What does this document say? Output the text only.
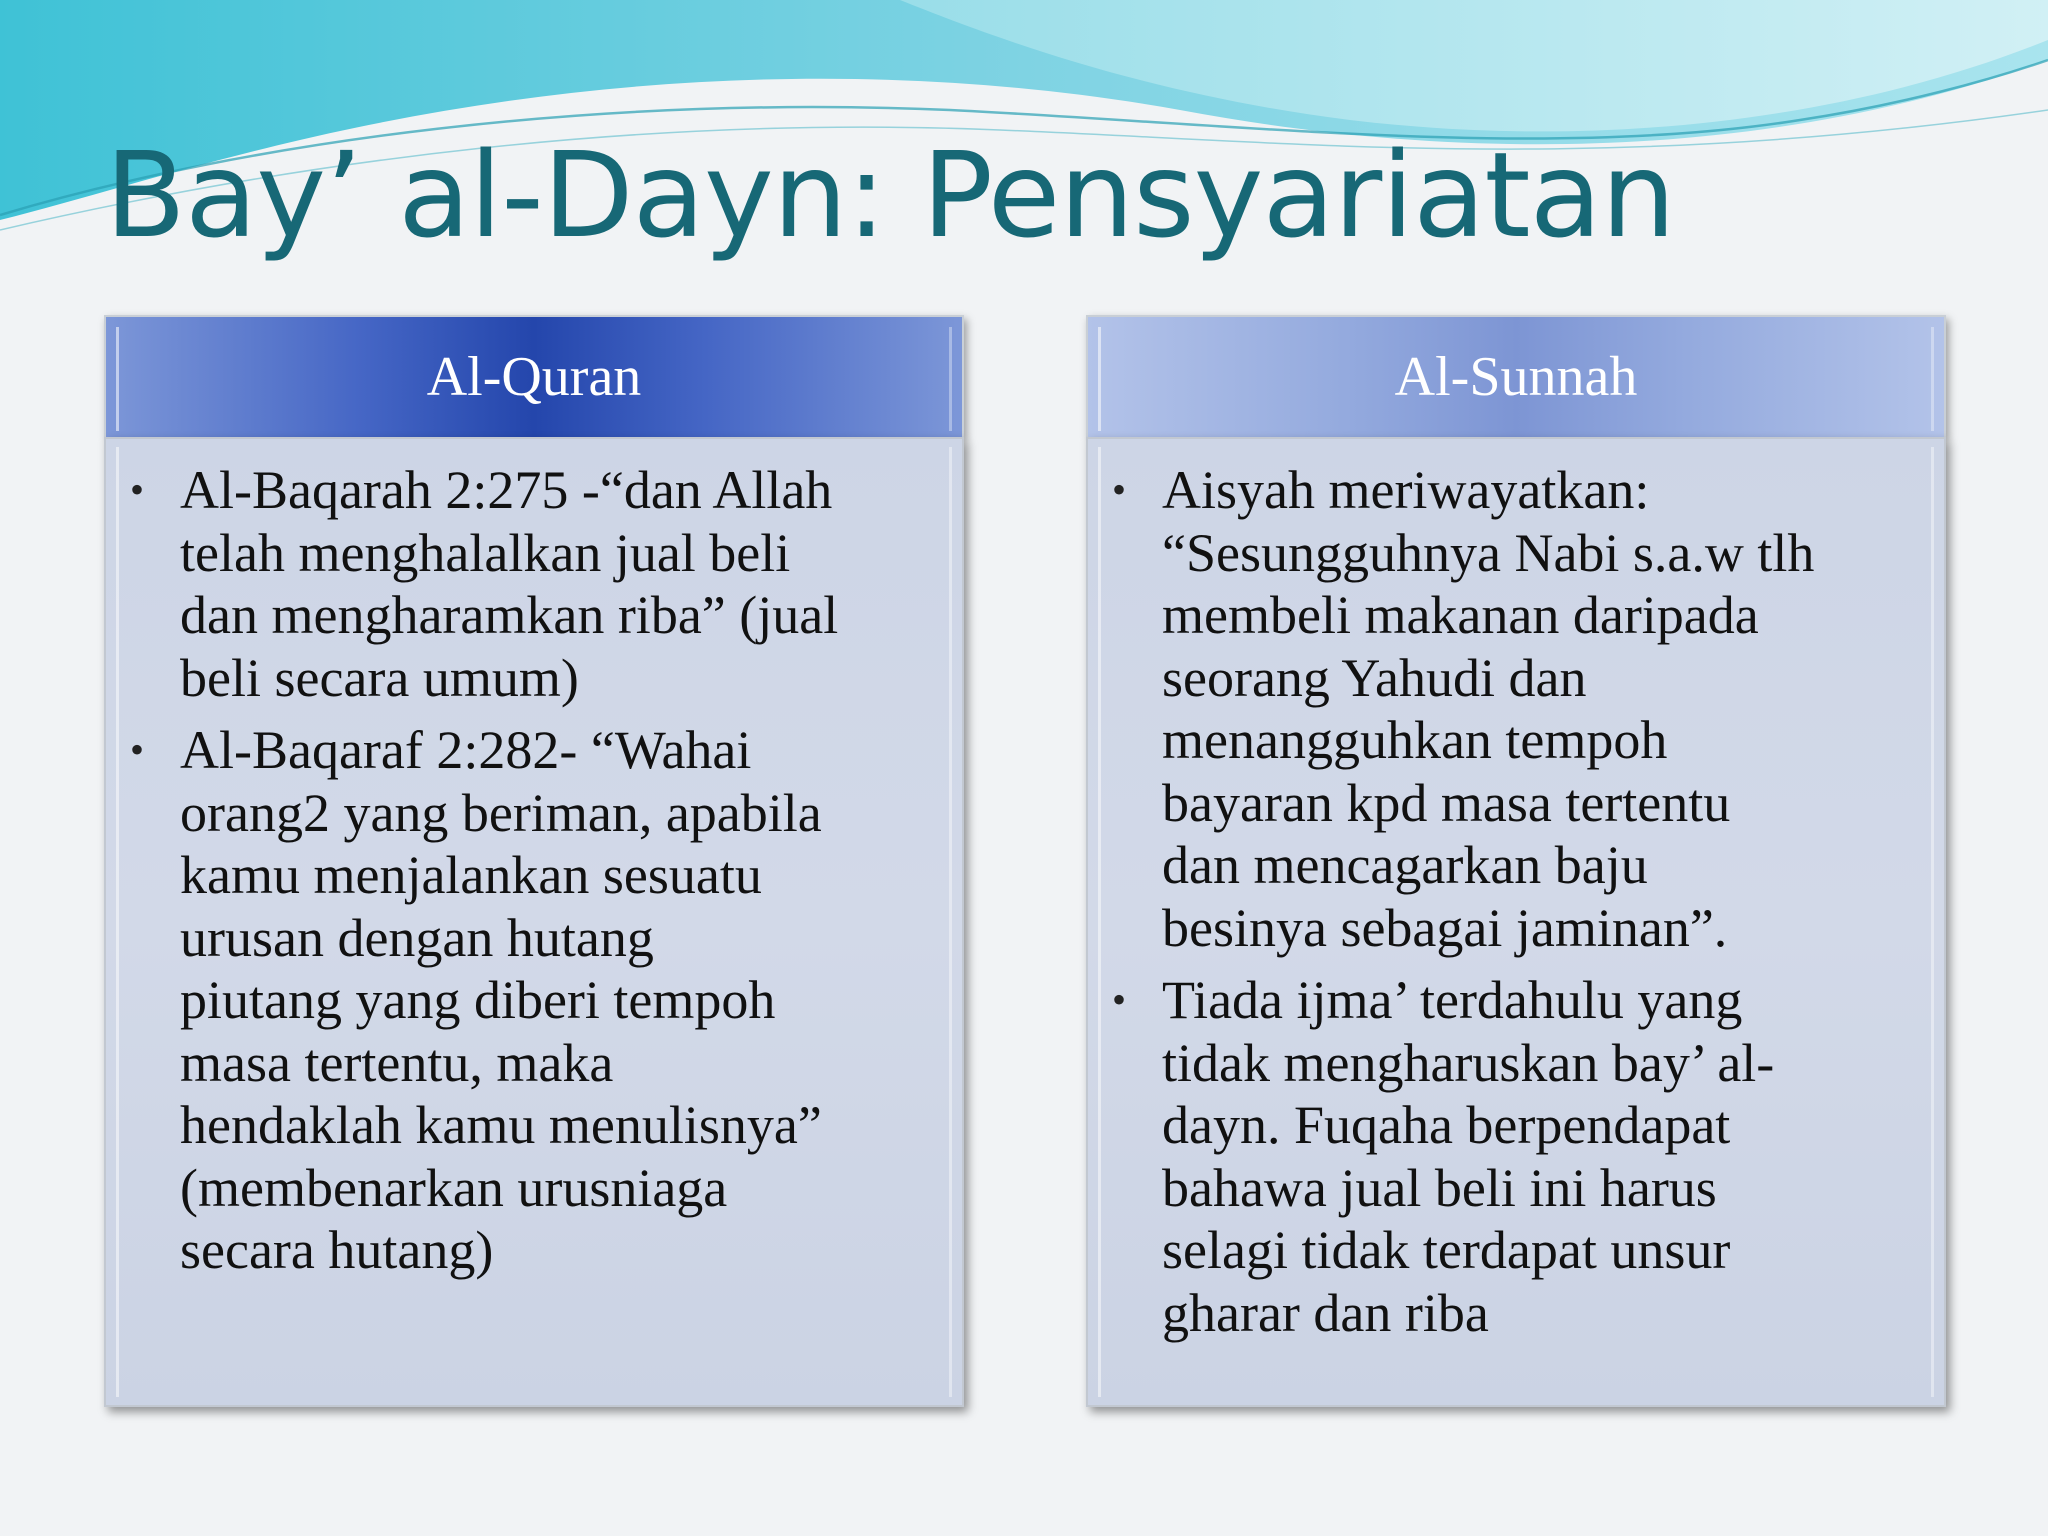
Bay’ al-Dayn: Pensyariatan
Al-Quran
• Al-Baqarah 2:275 -“dan Allah
telah menghalalkan jual beli
dan mengharamkan riba” (jual
beli secara umum)
• Al-Baqaraf 2:282- “Wahai
orang2 yang beriman, apabila
kamu menjalankan sesuatu
urusan dengan hutang
piutang yang diberi tempoh
masa tertentu, maka
hendaklah kamu menulisnya”
(membenarkan urusniaga
secara hutang)
Al-Sunnah
• Aisyah meriwayatkan:
“Sesungguhnya Nabi s.a.w tlh
membeli makanan daripada
seorang Yahudi dan
menangguhkan tempoh
bayaran kpd masa tertentu
dan mencagarkan baju
besinya sebagai jaminan”.
• Tiada ijma’ terdahulu yang
tidak mengharuskan bay’ al-
dayn. Fuqaha berpendapat
bahawa jual beli ini harus
selagi tidak terdapat unsur
gharar dan riba
